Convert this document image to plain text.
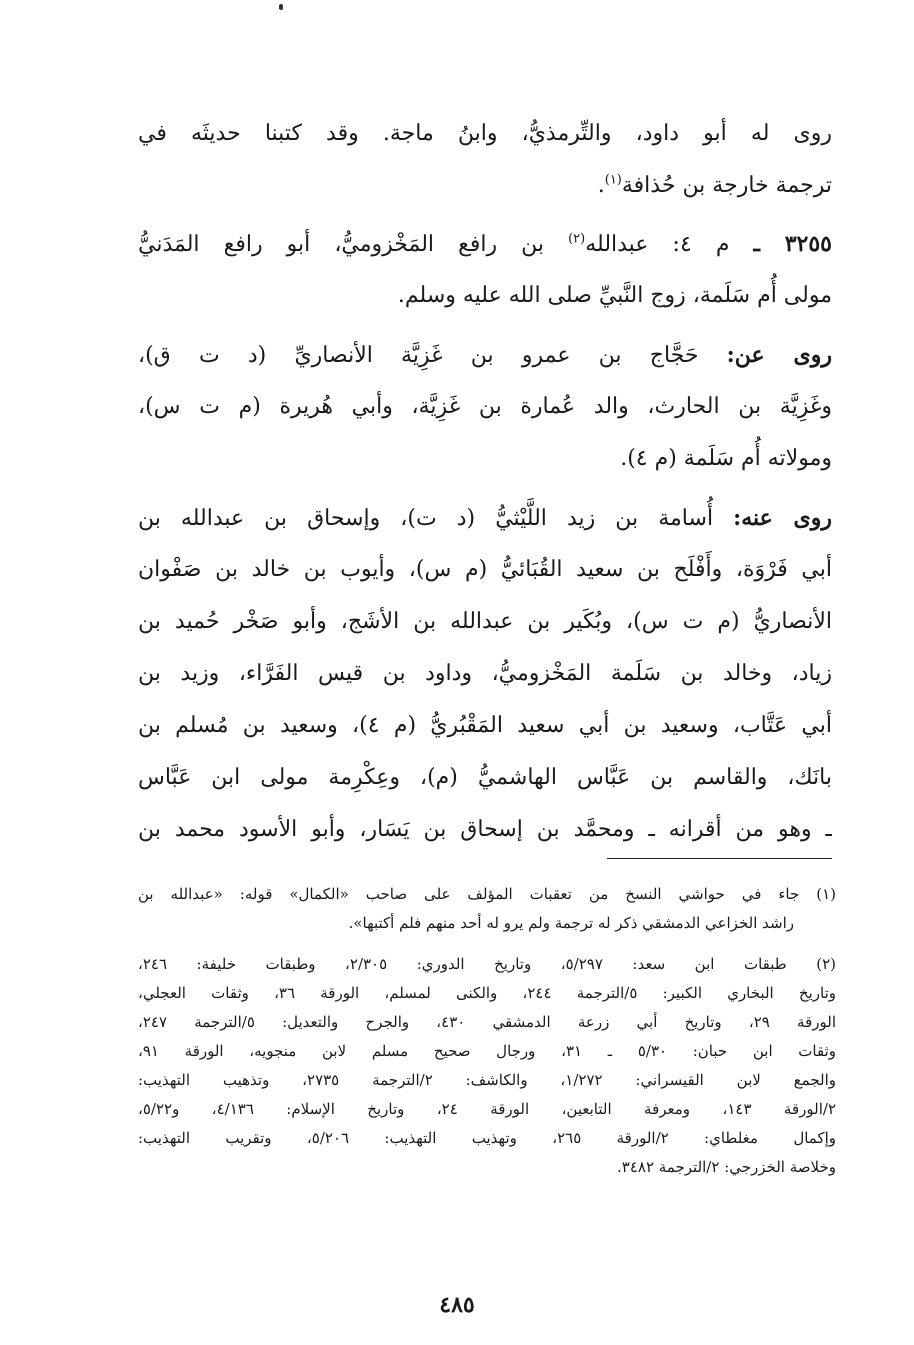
روى له أبو داود، والتِّرمذيُّ، وابنُ ماجة. وقد كتبنا حديثَه في
ترجمة خارجة بن حُذافة$^{(١)}$.
٣٢٥٥ ـ م ٤: عبدالله$^{(٢)}$ بن رافع المَخْزوميُّ، أبو رافع المَدَنيُّ
مولى أُم سَلَمة، زوج النَّبيِّ صلى الله عليه وسلم.
روى عن: حَجَّاج بن عمرو بن غَزِيَّة الأنصاريِّ (د ت ق)،
وغَزِيَّة بن الحارث، والد عُمارة بن غَزِيَّة، وأبي هُريرة (م ت س)،
ومولاته أُم سَلَمة (م ٤).
روى عنه: أُسامة بن زيد اللَّيْثيُّ (د ت)، وإسحاق بن عبدالله بن
أبي فَرْوَة، وأَفْلَح بن سعيد القُبَائيُّ (م س)، وأيوب بن خالد بن صَفْوان
الأنصاريُّ (م ت س)، وبُكَير بن عبدالله بن الأشَج، وأبو صَخْر حُميد بن
زياد، وخالد بن سَلَمة المَخْزوميُّ، وداود بن قيس الفَرَّاء، وزيد بن
أبي عَتَّاب، وسعيد بن أبي سعيد المَقْبُريُّ (م ٤)، وسعيد بن مُسلم بن
بانَك، والقاسم بن عَبَّاس الهاشميُّ (م)، وعِكْرِمة مولى ابن عَبَّاس
ـ وهو من أقرانه ـ ومحمَّد بن إسحاق بن يَسَار، وأبو الأسود محمد بن
(١) جاء في حواشي النسخ من تعقبات المؤلف على صاحب «الكمال» قوله: «عبدالله بن
راشد الخزاعي الدمشقي ذكر له ترجمة ولم يرو له أحد منهم فلم أكتبها».
(٢) طبقات ابن سعد: ٥/٢٩٧، وتاريخ الدوري: ٢/٣٠٥، وطبقات خليفة: ٢٤٦،
وتاريخ البخاري الكبير: ٥/الترجمة ٢٤٤، والكنى لمسلم، الورقة ٣٦، وثقات العجلي،
الورقة ٢٩، وتاريخ أبي زرعة الدمشقي ٤٣٠، والجرح والتعديل: ٥/الترجمة ٢٤٧،
وثقات ابن حبان: ٥/٣٠ ـ ٣١، ورجال صحيح مسلم لابن منجويه، الورقة ٩١،
والجمع لابن القيسراني: ١/٢٧٢، والكاشف: ٢/الترجمة ٢٧٣٥، وتذهيب التهذيب:
٢/الورقة ١٤٣، ومعرفة التابعين، الورقة ٢٤، وتاريخ الإسلام: ٤/١٣٦، و٥/٢٢،
وإكمال مغلطاي: ٢/الورقة ٢٦٥، وتهذيب التهذيب: ٥/٢٠٦، وتقريب التهذيب:
وخلاصة الخزرجي: ٢/الترجمة ٣٤٨٢.
٤٨٥
